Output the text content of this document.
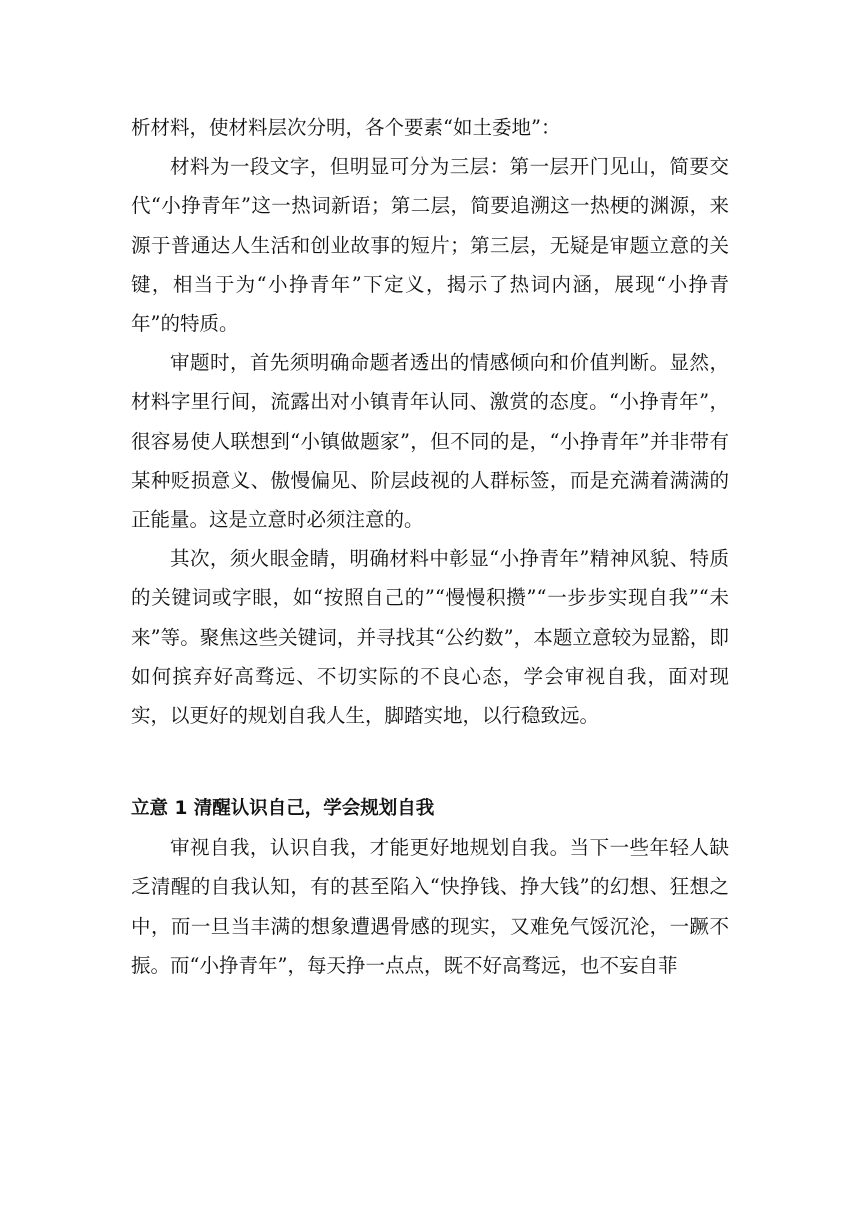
析材料，使材料层次分明，各个要素“如土委地”：

材料为一段文字，但明显可分为三层：第一层开门见山，简要交代“小挣青年”这一热词新语；第二层，简要追溯这一热梗的渊源，来源于普通达人生活和创业故事的短片；第三层，无疑是审题立意的关键，相当于为“小挣青年”下定义，揭示了热词内涵，展现“小挣青年”的特质。

审题时，首先须明确命题者透出的情感倾向和价值判断。显然，材料字里行间，流露出对小镇青年认同、激赏的态度。“小挣青年”，很容易使人联想到“小镇做题家”，但不同的是，“小挣青年”并非带有某种贬损意义、傲慢偏见、阶层歧视的人群标签，而是充满着满满的正能量。这是立意时必须注意的。

其次，须火眼金睛，明确材料中彰显“小挣青年”精神风貌、特质的关键词或字眼，如“按照自己的”“慢慢积攒”“一步步实现自我”“未来”等。聚焦这些关键词，并寻找其“公约数”，本题立意较为显豁，即如何摈弃好高骛远、不切实际的不良心态，学会审视自我，面对现实，以更好的规划自我人生，脚踏实地，以行稳致远。

立意 1 清醒认识自己，学会规划自我

审视自我，认识自我，才能更好地规划自我。当下一些年轻人缺乏清醒的自我认知，有的甚至陷入“快挣钱、挣大钱”的幻想、狂想之中，而一旦当丰满的想象遭遇骨感的现实，又难免气馁沉沦，一蹶不振。而“小挣青年”，每天挣一点点，既不好高骛远，也不妄自菲
